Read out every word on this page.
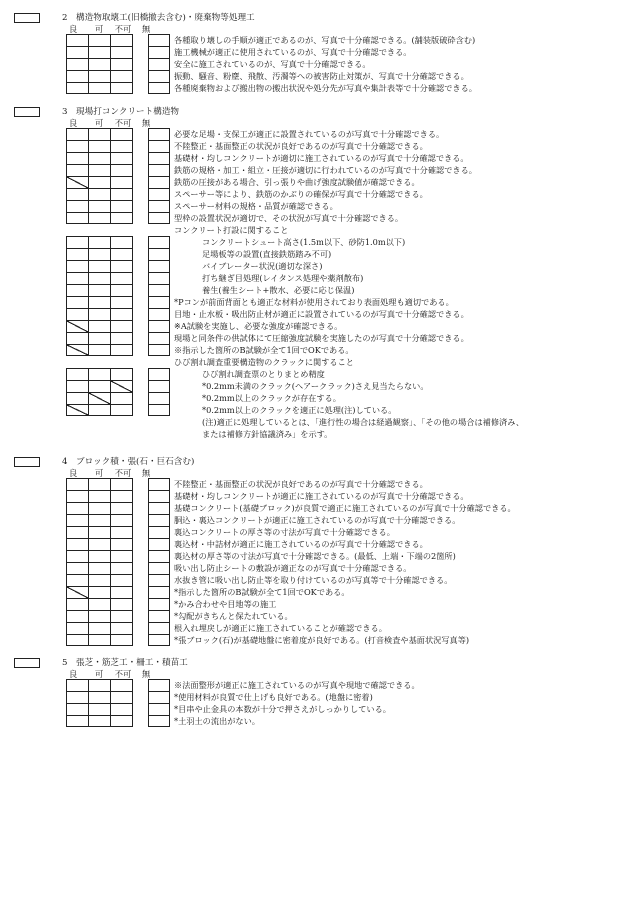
2　構造物取壊工(旧橋撤去含む)・廃棄物等処理工
良	可	不可	無
各種取り壊しの手順が適正であるのが、写真で十分確認できる。(舗装版破砕含む)
施工機械が適正に使用されているのが、写真で十分確認できる。
安全に施工されているのが、写真で十分確認できる。
振動、騒音、粉塵、飛散、汚濁等への被害防止対策が、写真で十分確認できる。
各種廃棄物および搬出物の搬出状況や処分先が写真や集計表等で十分確認できる。
3　現場打コンクリート構造物
良	可	不可	無
必要な足場・支保工が適正に設置されているのが写真で十分確認できる。
不陸整正・基面整正の状況が良好であるのが写真で十分確認できる。
基礎材・均しコンクリートが適切に施工されているのが写真で十分確認できる。
鉄筋の規格・加工・組立・圧接が適切に行われているのが写真で十分確認できる。
鉄筋の圧接がある場合、引っ張りや曲げ強度試験値が確認できる。
スペーサー等により、鉄筋のかぶりの確保が写真で十分確認できる。
スペーサー材料の規格・品質が確認できる。
型枠の設置状況が適切で、その状況が写真で十分確認できる。
コンクリート打設に関すること
コンクリートシュート高さ(1.5m以下、砂防1.0m以下)
足場板等の設置(直接鉄筋踏み不可)
バイブレーター状況(適切な深さ)
打ち継ぎ目処理(レイタンス処理や薬剤散布)
養生(養生シート+散水、必要に応じ保温)
*Pコンが前面背面とも適正な材料が使用されており表面処理も適切である。
目地・止水板・吸出防止材が適正に設置されているのが写真で十分確認できる。
※A試験を実施し、必要な強度が確認できる。
現場と同条件の供試体にて圧縮強度試験を実施したのが写真で十分確認できる。
※指示した箇所のB試験が全て1回でOKである。
ひび割れ調査重要構造物のクラックに関すること
ひび割れ調査票のとりまとめ精度
*0.2mm未満のクラック(ヘアークラック)さえ見当たらない。
*0.2mm以上のクラックが存在する。
*0.2mm以上のクラックを適正に処理(注)している。
(注)適正に処理しているとは、「進行性の場合は経過観察」、「その他の場合は補修済み、
または補修方針協議済み」を示す。
4　ブロック積・張(石・巨石含む)
良	可	不可	無
不陸整正・基面整正の状況が良好であるのが写真で十分確認できる。
基礎材・均しコンクリートが適正に施工されているのが写真で十分確認できる。
基礎コンクリート(基礎ブロック)が良質で適正に施工されているのが写真で十分確認できる。
胴込・裏込コンクリートが適正に施工されているのが写真で十分確認できる。
裏込コンクリートの厚さ等の寸法が写真で十分確認できる。
裏込材・中詰材が適正に施工されているのが写真で十分確認できる。
裏込材の厚さ等の寸法が写真で十分確認できる。(最低、上端・下端の2箇所)
吸い出し防止シートの敷設が適正なのが写真で十分確認できる。
水抜き管に吸い出し防止等を取り付けているのが写真等で十分確認できる。
*指示した箇所のB試験が全て1回でOKである。
*かみ合わせや目地等の施工
*勾配がきちんと保たれている。
根入れ埋戻しが適正に施工されていることが確認できる。
*張ブロック(石)が基礎地盤に密着度が良好である。(打音検査や基面状況写真等)
5　張芝・筋芝工・柵工・積苗工
良	可	不可	無
※法面整形が適正に施工されているのが写真や現地で確認できる。
*使用材料が良質で仕上げも良好である。(地盤に密着)
*目串や止金具の本数が十分で押さえがしっかりしている。
*土羽土の流出がない。
